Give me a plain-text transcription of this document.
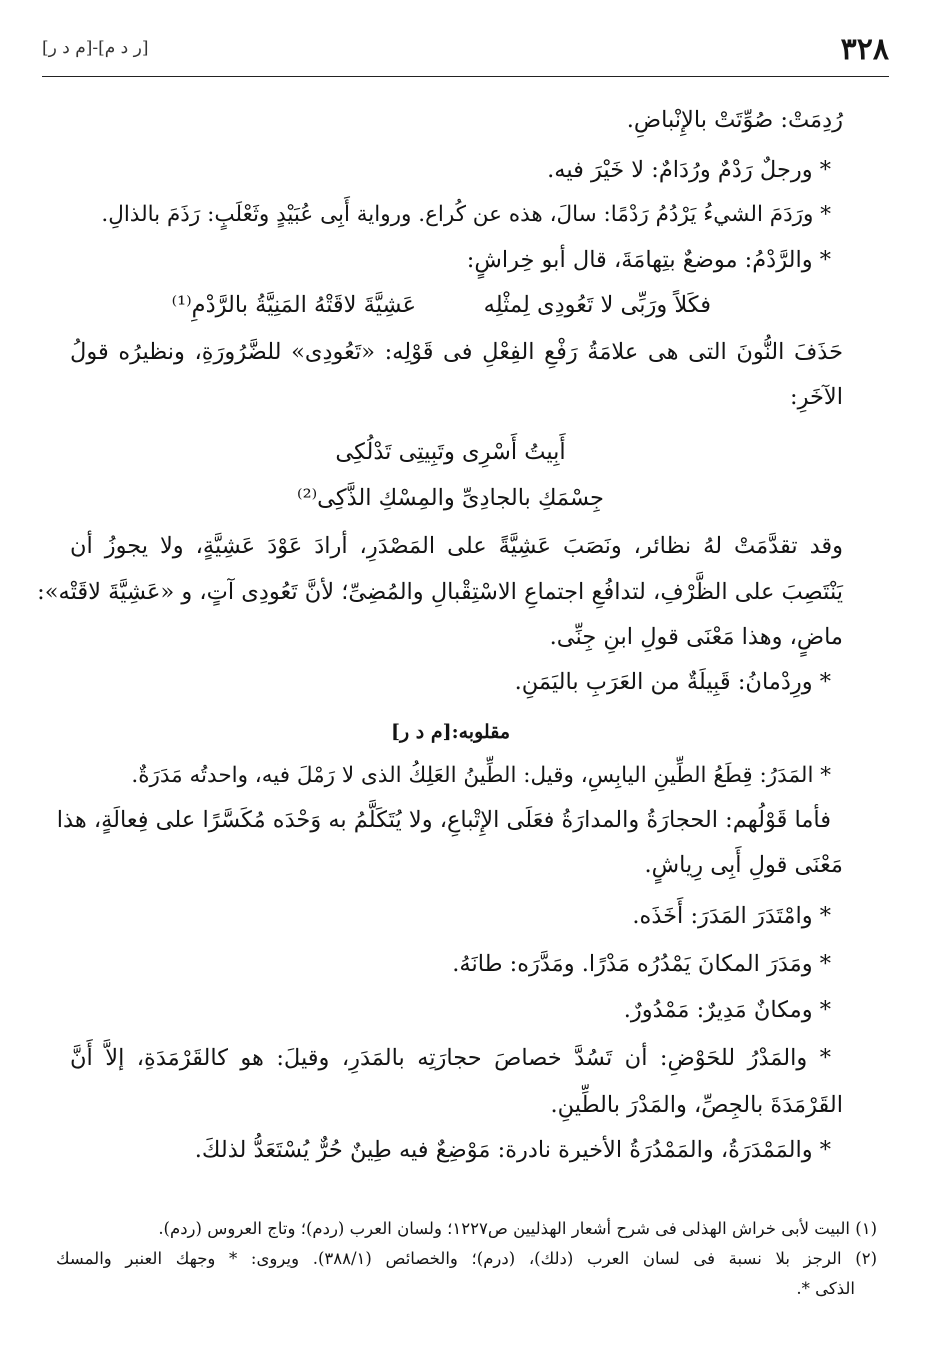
٣٢٨
[ر د م]-[م د ر]
رُدِمَتْ: صُوِّتَتْ بالإِنْباضِ.
* ورجلٌ رَدْمٌ ورُدَامٌ: لا خَيْرَ فيه.
* ورَدَمَ الشيءُ يَرْدُمُ رَدْمًا: سالَ، هذه عن كُراع. ورواية أَبِى عُبَيْدٍ وثَعْلَبٍ: رَذَمَ بالذالِ.
* والرَّدْمُ: موضعٌ بتِهامَةَ، قال أبو خِراشٍ:
فكَلاً ورَبِّى لا تَعُودِى لِمثْلِه
عَشِيَّةَ لاقَتْهُ المَنِيَّةُ بالرَّدْمِ⁽¹⁾
حَذَفَ النُّونَ التى هى علامَةُ رَفْعِ الفِعْلِ فى قَوْلِه: «تَعُودِى» للضَّرُورَةِ، ونظيرُه قولُ
الآخَرِ:
أَبِيتُ أَسْرِى وتَبِيتِى تَدْلُكِى
جِسْمَكِ بالجادِىِّ والمِسْكِ الذَّكِى⁽²⁾
وقد تقدَّمَتْ لهُ نظائر، ونَصَبَ عَشِيَّةً على المَصْدَرِ، أرادَ عَوْدَ عَشِيَّةٍ، ولا يجوزُ أن
يَنْتَصِبَ على الظَّرْفِ، لتدافُعِ اجتماعِ الاسْتِقْبالِ والمُضِىِّ؛ لأنَّ تَعُودِى آتٍ، و «عَشِيَّةَ لاقَتْه»:
ماضٍ، وهذا مَعْنَى قولِ ابنِ جِنِّى.
* ورِدْمانُ: قَبِيلَةٌ من العَرَبِ باليَمَنِ.
مقلوبه:[م د ر]
* المَدَرُ: قِطَعُ الطِّينِ اليابِسِ، وقيل: الطِّينُ العَلِكُ الذى لا رَمْلَ فيه، واحدتُه مَدَرَةٌ.
فأما قَوْلُهم: الحجارَةُ والمدارَةُ فعَلَى الإِتْباعِ، ولا يُتَكَلَّمُ به وَحْدَه مُكَسَّرًا على فِعالَةٍ، هذا
مَعْنَى قولِ أَبِى رِياشٍ.
* وامْتَدَرَ المَدَرَ: أَخَذَه.
* ومَدَرَ المكانَ يَمْدُرُه مَدْرًا. ومَدَّرَه: طانَهُ.
* ومكانٌ مَدِيرٌ: مَمْدُورٌ.
* والمَدْرُ للحَوْضِ: أن تَسُدَّ خصاصَ حجارَتِه بالمَدَرِ، وقيلَ: هو كالقَرْمَدَةِ، إلاَّ أَنَّ
القَرْمَدَةَ بالجِصِّ، والمَدْرَ بالطِّينِ.
* والمَمْدَرَةُ، والمَمْدُرَةُ الأخيرة نادرة: مَوْضِعٌ فيه طِينٌ حُرٌّ يُسْتَعَدُّ لذلكَ.
(١) البيت لأبى خراش الهذلى فى شرح أشعار الهذليين ص١٢٢٧؛ ولسان العرب (ردم)؛ وتاج العروس (ردم).
(٢) الرجز بلا نسبة فى لسان العرب (دلك)، (درم)؛ والخصائص (٣٨٨/١). ويروى: * وجهك العنبر والمسك
الذكى *.
